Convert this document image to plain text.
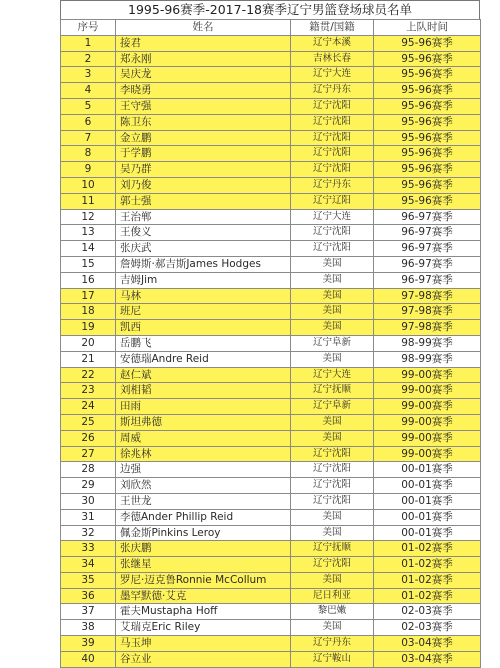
1995-96赛季-2017-18赛季辽宁男篮登场球员名单
序号	姓名	籍贯/国籍	上队时间
1	接君	辽宁本溪	95-96赛季
2	郑永刚	吉林长春	95-96赛季
3	吴庆龙	辽宁大连	95-96赛季
4	李晓勇	辽宁丹东	95-96赛季
5	王守强	辽宁沈阳	95-96赛季
6	陈卫东	辽宁沈阳	95-96赛季
7	金立鹏	辽宁沈阳	95-96赛季
8	于学鹏	辽宁沈阳	95-96赛季
9	吴乃群	辽宁沈阳	95-96赛季
10	刘乃俊	辽宁丹东	95-96赛季
11	郭士强	辽宁辽阳	95-96赛季
12	王治郸	辽宁大连	96-97赛季
13	王俊义	辽宁沈阳	96-97赛季
14	张庆武	辽宁沈阳	96-97赛季
15	詹姆斯·郝吉斯James Hodges	美国	96-97赛季
16	吉姆Jim	美国	96-97赛季
17	马林	美国	97-98赛季
18	班尼	美国	97-98赛季
19	凯西	美国	97-98赛季
20	岳鹏飞	辽宁阜新	98-99赛季
21	安德瑞Andre Reid	美国	98-99赛季
22	赵仁斌	辽宁大连	99-00赛季
23	刘相韬	辽宁抚顺	99-00赛季
24	田雨	辽宁阜新	99-00赛季
25	斯坦弗德	美国	99-00赛季
26	周威	美国	99-00赛季
27	徐兆林	辽宁沈阳	99-00赛季
28	边强	辽宁沈阳	00-01赛季
29	刘欣然	辽宁沈阳	00-01赛季
30	王世龙	辽宁沈阳	00-01赛季
31	李德Ander Phillip Reid	美国	00-01赛季
32	佩金斯Pinkins Leroy	美国	00-01赛季
33	张庆鹏	辽宁抚顺	01-02赛季
34	张继星	辽宁沈阳	01-02赛季
35	罗尼·迈克鲁Ronnie McCollum	美国	01-02赛季
36	墨罕默德·艾克	尼日利亚	01-02赛季
37	霍夫Mustapha Hoff	黎巴嫩	02-03赛季
38	艾瑞克Eric Riley	美国	02-03赛季
39	马玉坤	辽宁丹东	03-04赛季
40	谷立业	辽宁鞍山	03-04赛季
